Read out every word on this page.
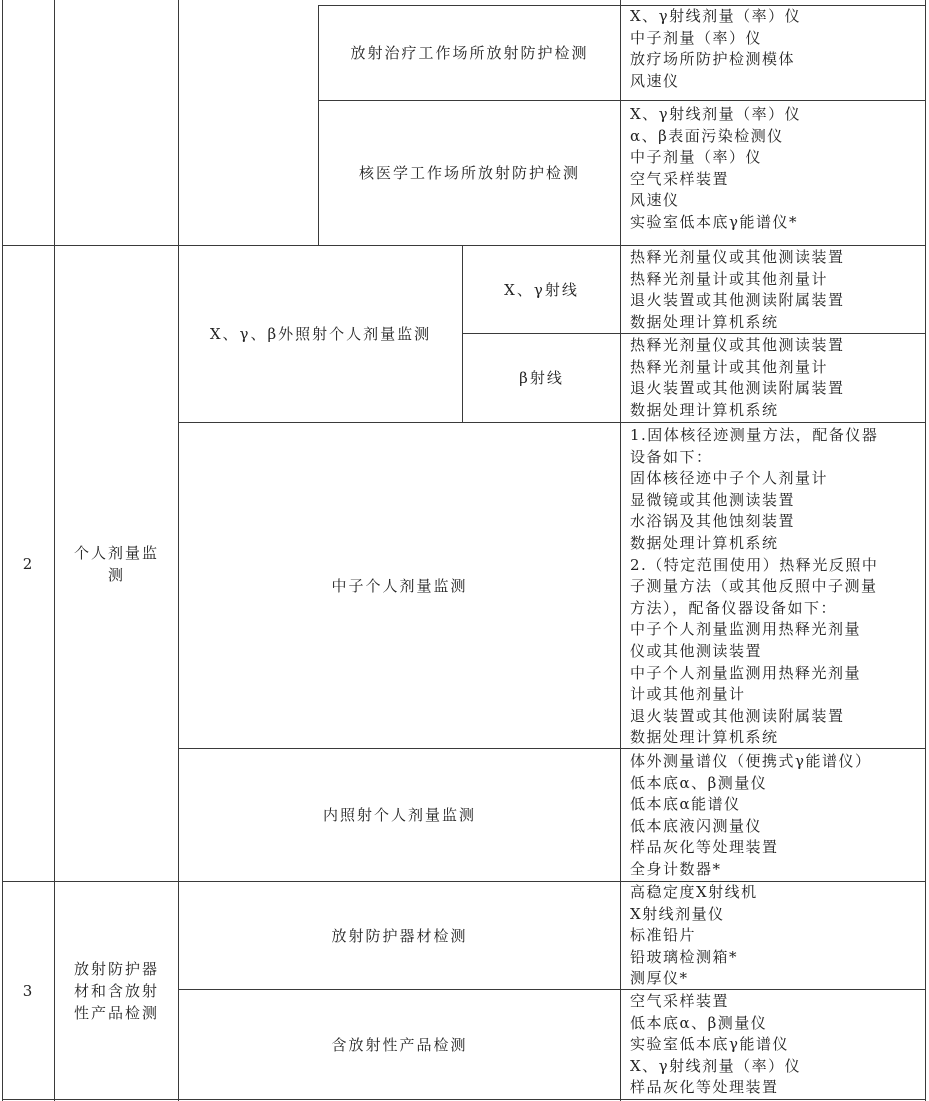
放射治疗工作场所放射防护检测
X、γ射线剂量（率）仪
中子剂量（率）仪
放疗场所防护检测模体
风速仪
核医学工作场所放射防护检测
X、γ射线剂量（率）仪
α、β表面污染检测仪
中子剂量（率）仪
空气采样装置
风速仪
实验室低本底γ能谱仪*
2
个人剂量监测
X、γ、β外照射个人剂量监测
X、γ射线
热释光剂量仪或其他测读装置
热释光剂量计或其他剂量计
退火装置或其他测读附属装置
数据处理计算机系统
β射线
热释光剂量仪或其他测读装置
热释光剂量计或其他剂量计
退火装置或其他测读附属装置
数据处理计算机系统
中子个人剂量监测
1.固体核径迹测量方法，配备仪器
设备如下：
固体核径迹中子个人剂量计
显微镜或其他测读装置
水浴锅及其他蚀刻装置
数据处理计算机系统
2.（特定范围使用）热释光反照中
子测量方法（或其他反照中子测量
方法），配备仪器设备如下：
中子个人剂量监测用热释光剂量
仪或其他测读装置
中子个人剂量监测用热释光剂量
计或其他剂量计
退火装置或其他测读附属装置
数据处理计算机系统
内照射个人剂量监测
体外测量谱仪（便携式γ能谱仪）
低本底α、β测量仪
低本底α能谱仪
低本底液闪测量仪
样品灰化等处理装置
全身计数器*
3
放射防护器
材和含放射
性产品检测
放射防护器材检测
高稳定度X射线机
X射线剂量仪
标准铅片
铅玻璃检测箱*
测厚仪*
含放射性产品检测
空气采样装置
低本底α、β测量仪
实验室低本底γ能谱仪
X、γ射线剂量（率）仪
样品灰化等处理装置
